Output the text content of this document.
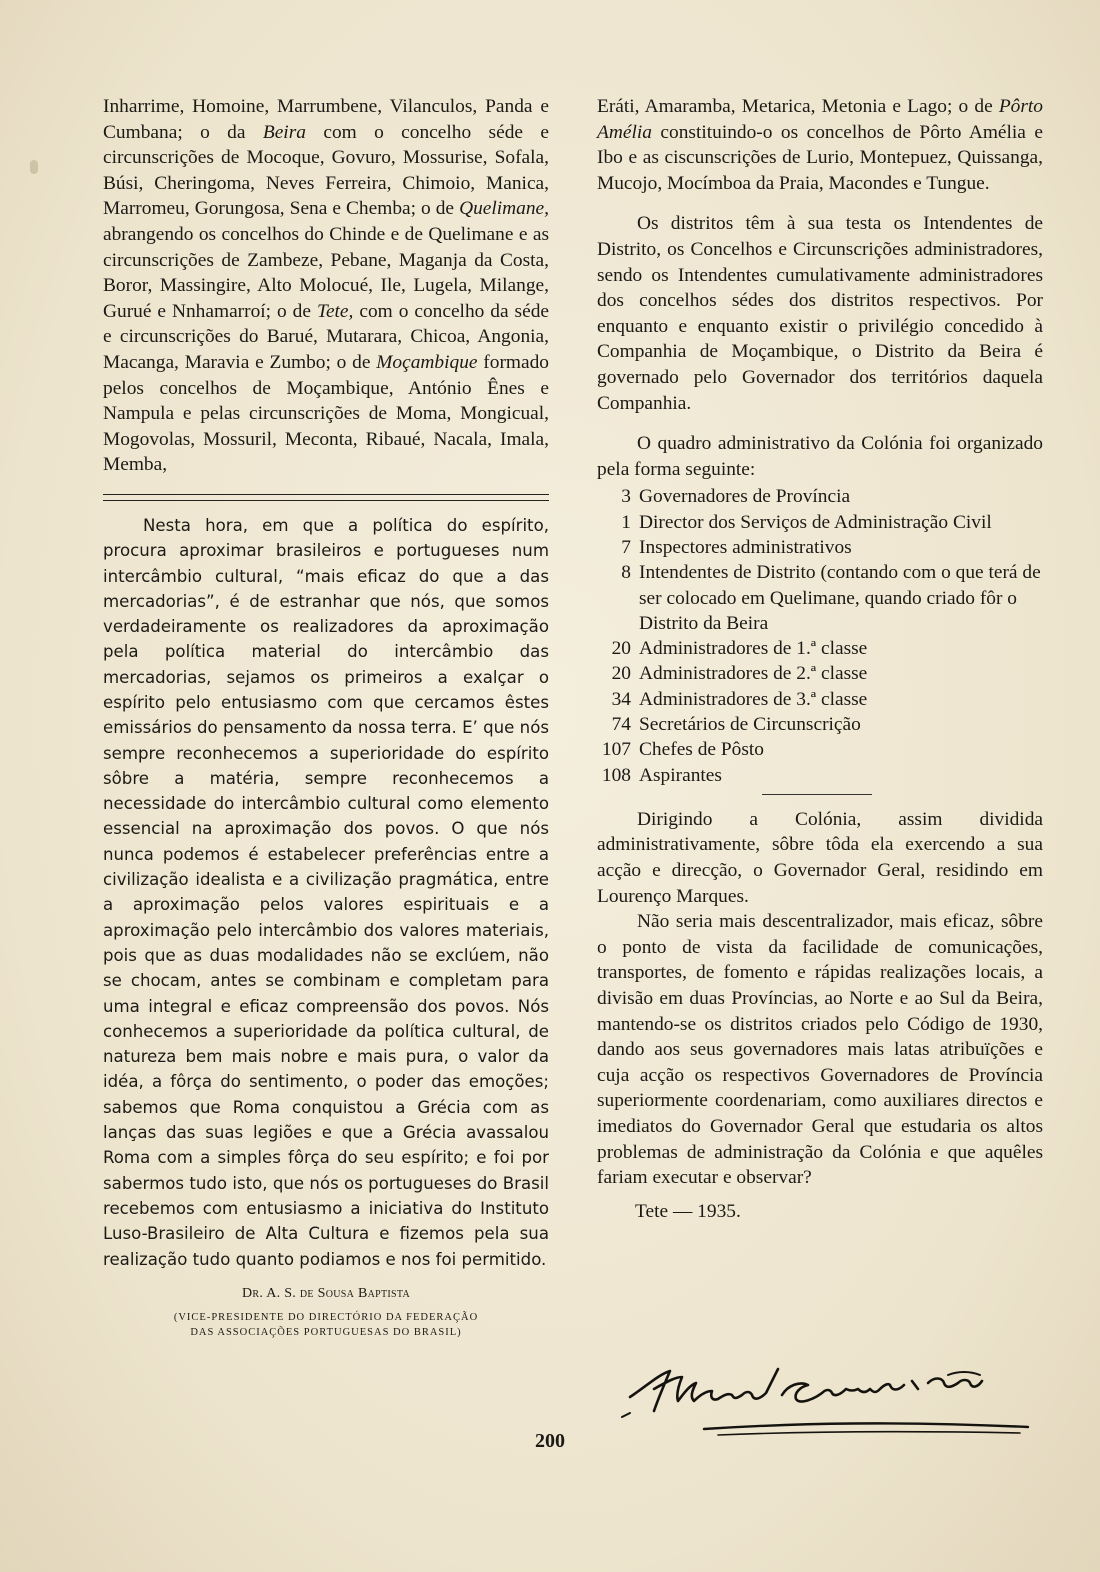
Inharrime, Homoine, Marrumbene, Vilanculos, Panda e Cumbana; o da Beira com o concelho séde e circunscrições de Mocoque, Govuro, Mossurise, Sofala, Búsi, Cheringoma, Neves Ferreira, Chimoio, Manica, Marromeu, Gorungosa, Sena e Chemba; o de Quelimane, abrangendo os concelhos do Chinde e de Quelimane e as circunscrições de Zambeze, Pebane, Maganja da Costa, Boror, Massingire, Alto Molocué, Ile, Lugela, Milange, Gurué e Nnhamarroí; o de Tete, com o concelho da séde e circunscrições do Barué, Mutarara, Chicoa, Angonia, Macanga, Maravia e Zumbo; o de Moçambique formado pelos concelhos de Moçambique, António Ênes e Nampula e pelas circunscrições de Moma, Mongicual, Mogovolas, Mossuril, Meconta, Ribaué, Nacala, Imala, Memba,

Nesta hora, em que a política do espírito, procura aproximar brasileiros e portugueses num intercâmbio cultural, “mais eficaz do que a das mercadorias”, é de estranhar que nós, que somos verdadeiramente os realizadores da aproximação pela política material do intercâmbio das mercadorias, sejamos os primeiros a exalçar o espírito pelo entusiasmo com que cercamos êstes emissários do pensamento da nossa terra. E’ que nós sempre reconhecemos a superioridade do espírito sôbre a matéria, sempre reconhecemos a necessidade do intercâmbio cultural como elemento essencial na aproximação dos povos. O que nós nunca podemos é estabelecer preferências entre a civilização idealista e a civilização pragmática, entre a aproximação pelos valores espirituais e a aproximação pelo intercâmbio dos valores materiais, pois que as duas modalidades não se exclúem, não se chocam, antes se combinam e completam para uma integral e eficaz compreensão dos povos. Nós conhecemos a superioridade da política cultural, de natureza bem mais nobre e mais pura, o valor da idéa, a fôrça do sentimento, o poder das emoções; sabemos que Roma conquistou a Grécia com as lanças das suas legiões e que a Grécia avassalou Roma com a simples fôrça do seu espírito; e foi por sabermos tudo isto, que nós os portugueses do Brasil recebemos com entusiasmo a iniciativa do Instituto Luso-Brasileiro de Alta Cultura e fizemos pela sua realização tudo quanto podiamos e nos foi permitido.

Dr. A. S. de Sousa Baptista
(VICE-PRESIDENTE DO DIRECTÓRIO DA FEDERAÇÃO
DAS ASSOCIAÇÕES PORTUGUESAS DO BRASIL)

Eráti, Amaramba, Metarica, Metonia e Lago; o de Pôrto Amélia constituindo-o os concelhos de Pôrto Amélia e Ibo e as ciscunscrições de Lurio, Montepuez, Quissanga, Mucojo, Mocímboa da Praia, Macondes e Tungue.

Os distritos têm à sua testa os Intendentes de Distrito, os Concelhos e Circunscrições administradores, sendo os Intendentes cumulativamente administradores dos concelhos sédes dos distritos respectivos. Por enquanto e enquanto existir o privilégio concedido à Companhia de Moçambique, o Distrito da Beira é governado pelo Governador dos territórios daquela Companhia.

O quadro administrativo da Colónia foi organizado pela forma seguinte:

3 Governadores de Província
1 Director dos Serviços de Administração Civil
7 Inspectores administrativos
8 Intendentes de Distrito (contando com o que terá de ser colocado em Quelimane, quando criado fôr o Distrito da Beira
20 Administradores de 1.ª classe
20 Administradores de 2.ª classe
34 Administradores de 3.ª classe
74 Secretários de Circunscrição
107 Chefes de Pôsto
108 Aspirantes

Dirigindo a Colónia, assim dividida administrativamente, sôbre tôda ela exercendo a sua acção e direcção, o Governador Geral, residindo em Lourenço Marques.

Não seria mais descentralizador, mais eficaz, sôbre o ponto de vista da facilidade de comunicações, transportes, de fomento e rápidas realizações locais, a divisão em duas Províncias, ao Norte e ao Sul da Beira, mantendo-se os distritos criados pelo Código de 1930, dando aos seus governadores mais latas atribuïções e cuja acção os respectivos Governadores de Província superiormente coordenariam, como auxiliares directos e imediatos do Governador Geral que estudaria os altos problemas de administração da Colónia e que aquêles fariam executar e observar?

Tete — 1935.
200
